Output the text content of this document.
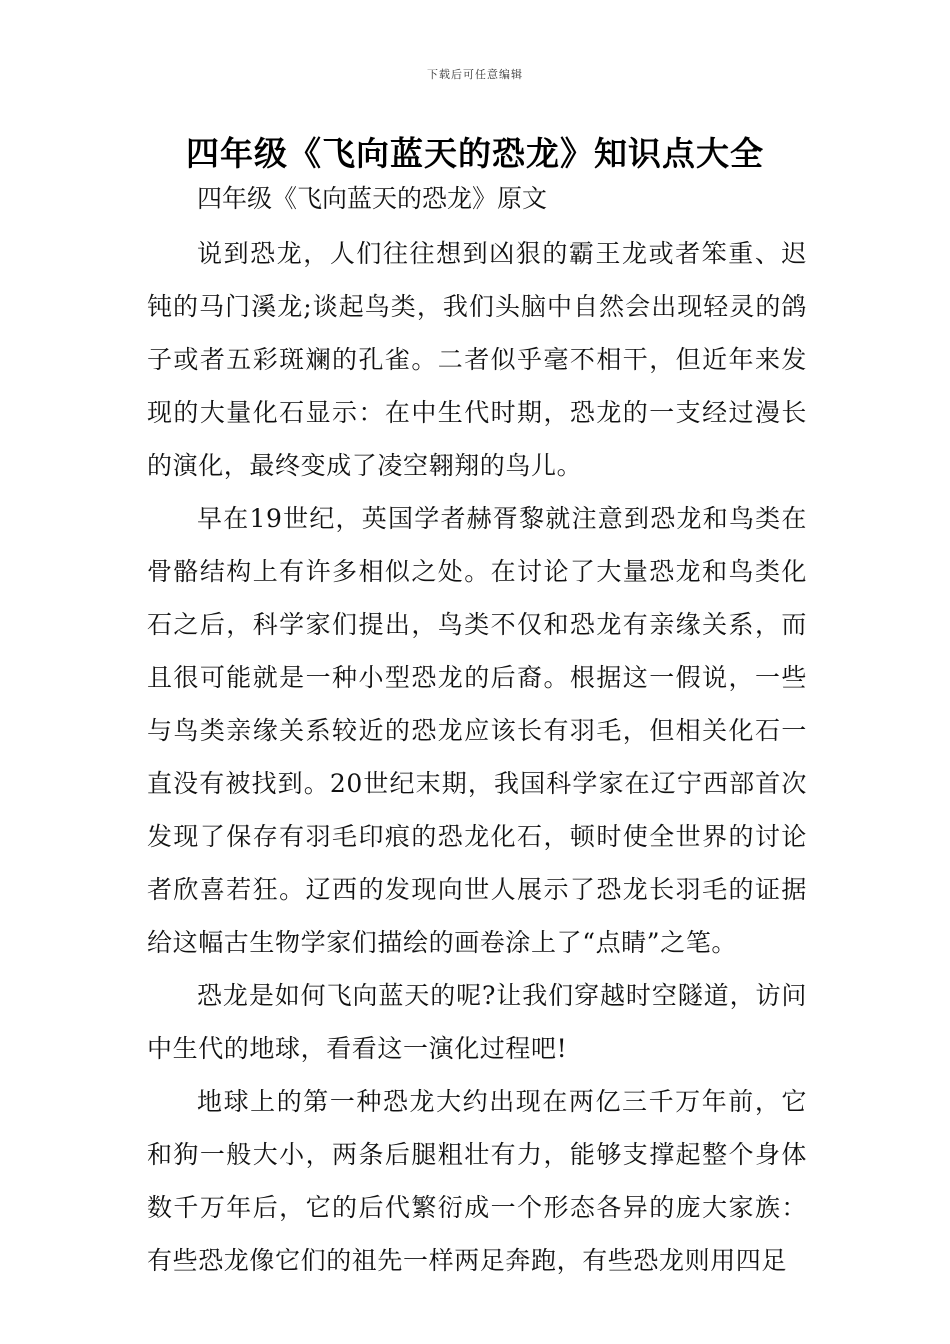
下载后可任意编辑
四年级《飞向蓝天的恐龙》知识点大全

四年级《飞向蓝天的恐龙》原文

说到恐龙，人们往往想到凶狠的霸王龙或者笨重、迟钝的马门溪龙;谈起鸟类，我们头脑中自然会出现轻灵的鸽子或者五彩斑斓的孔雀。二者似乎毫不相干，但近年来发现的大量化石显示：在中生代时期，恐龙的一支经过漫长的演化，最终变成了凌空翱翔的鸟儿。

早在19世纪，英国学者赫胥黎就注意到恐龙和鸟类在骨骼结构上有许多相似之处。在讨论了大量恐龙和鸟类化石之后，科学家们提出，鸟类不仅和恐龙有亲缘关系，而且很可能就是一种小型恐龙的后裔。根据这一假说，一些与鸟类亲缘关系较近的恐龙应该长有羽毛，但相关化石一直没有被找到。20世纪末期，我国科学家在辽宁西部首次发现了保存有羽毛印痕的恐龙化石，顿时使全世界的讨论者欣喜若狂。辽西的发现向世人展示了恐龙长羽毛的证据给这幅古生物学家们描绘的画卷涂上了“点睛”之笔。

恐龙是如何飞向蓝天的呢?让我们穿越时空隧道，访问中生代的地球，看看这一演化过程吧!

地球上的第一种恐龙大约出现在两亿三千万年前，它和狗一般大小，两条后腿粗壮有力，能够支撑起整个身体数千万年后，它的后代繁衍成一个形态各异的庞大家族：有些恐龙像它们的祖先一样两足奔跑，有些恐龙则用四足
